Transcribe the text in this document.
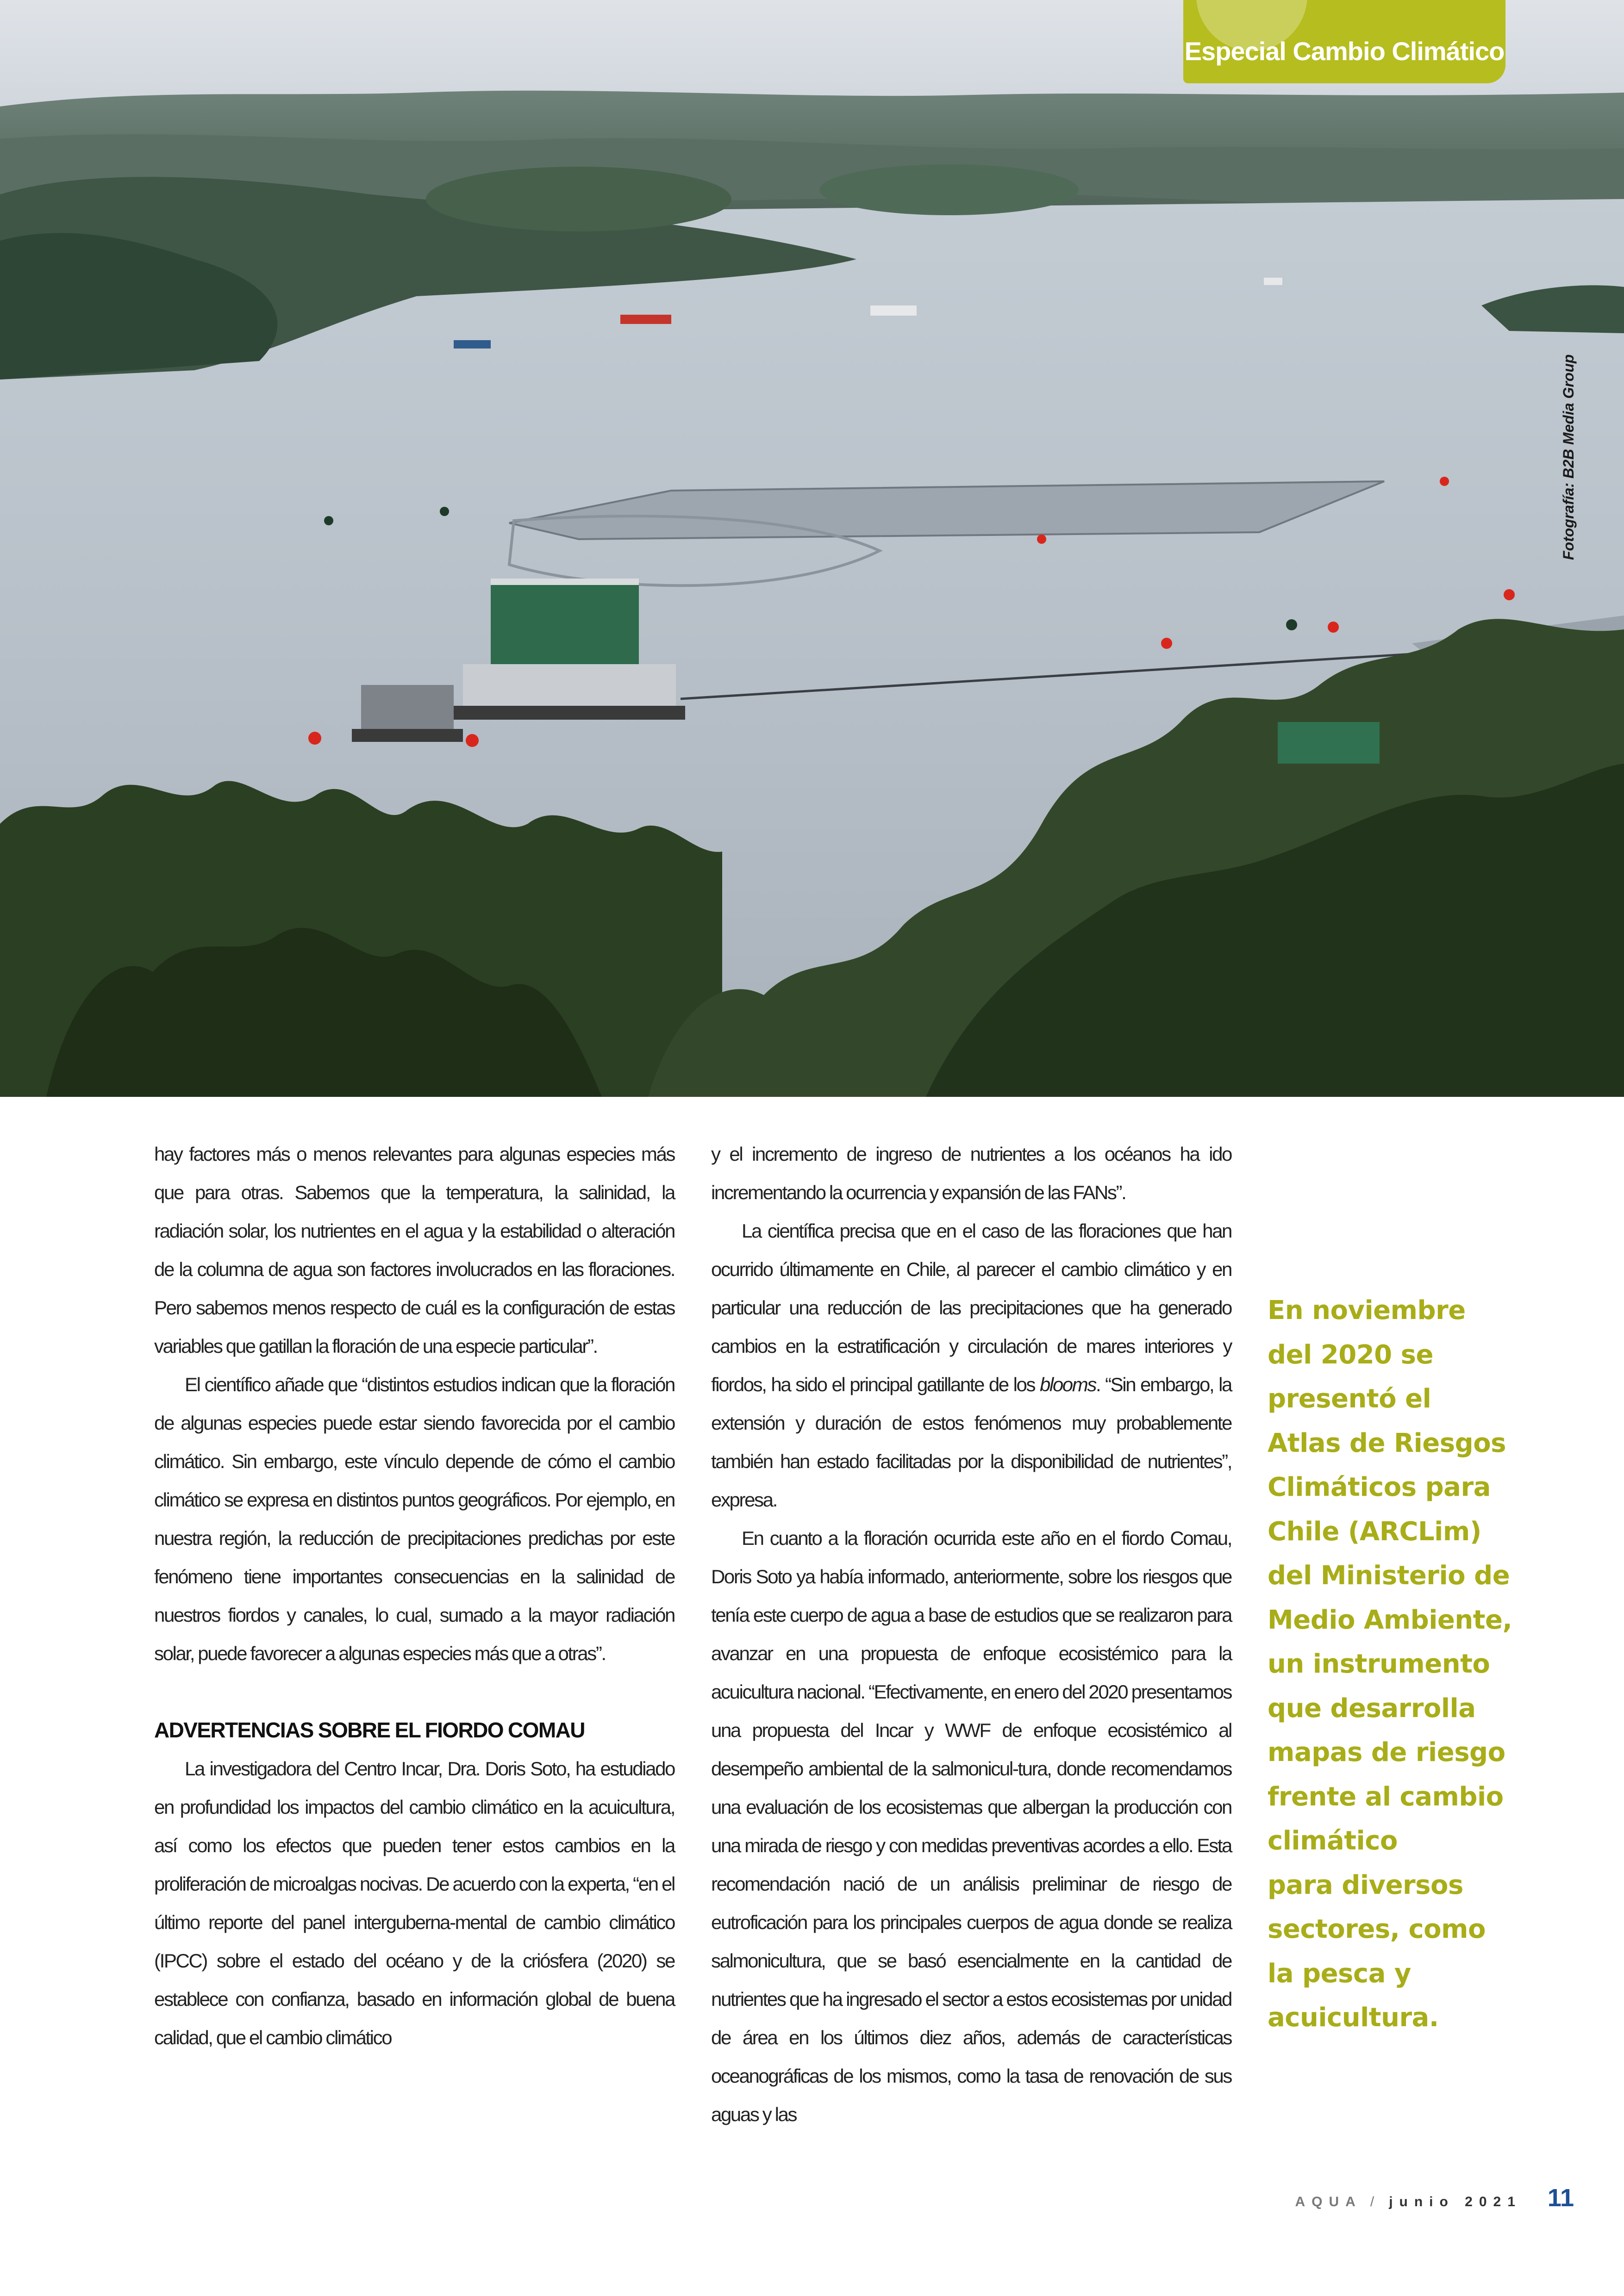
Especial Cambio Climático
Fotografía: B2B Media Group

hay factores más o menos relevantes para algunas especies más que para otras. Sabemos que la temperatura, la salinidad, la radiación solar, los nutrientes en el agua y la estabilidad o alteración de la columna de agua son factores involucrados en las floraciones. Pero sabemos menos respecto de cuál es la configuración de estas variables que gatillan la floración de una especie particular”.

El científico añade que “distintos estudios indican que la floración de algunas especies puede estar siendo favorecida por el cambio climático. Sin embargo, este vínculo depende de cómo el cambio climático se expresa en distintos puntos geográficos. Por ejemplo, en nuestra región, la reducción de precipitaciones predichas por este fenómeno tiene importantes consecuencias en la salinidad de nuestros fiordos y canales, lo cual, sumado a la mayor radiación solar, puede favorecer a algunas especies más que a otras”.

ADVERTENCIAS SOBRE EL FIORDO COMAU

La investigadora del Centro Incar, Dra. Doris Soto, ha estudiado en profundidad los impactos del cambio climático en la acuicultura, así como los efectos que pueden tener estos cambios en la proliferación de microalgas nocivas. De acuerdo con la experta, “en el último reporte del panel interguberna-mental de cambio climático (IPCC) sobre el estado del océano y de la criósfera (2020) se establece con confianza, basado en información global de buena calidad, que el cambio climático

y el incremento de ingreso de nutrientes a los océanos ha ido incrementando la ocurrencia y expansión de las FANs”.

La científica precisa que en el caso de las floraciones que han ocurrido últimamente en Chile, al parecer el cambio climático y en particular una reducción de las precipitaciones que ha generado cambios en la estratificación y circulación de mares interiores y fiordos, ha sido el principal gatillante de los blooms. “Sin embargo, la extensión y duración de estos fenómenos muy probablemente también han estado facilitadas por la disponibilidad de nutrientes”, expresa.

En cuanto a la floración ocurrida este año en el fiordo Comau, Doris Soto ya había informado, anteriormente, sobre los riesgos que tenía este cuerpo de agua a base de estudios que se realizaron para avanzar en una propuesta de enfoque ecosistémico para la acuicultura nacional. “Efectivamente, en enero del 2020 presentamos una propuesta del Incar y WWF de enfoque ecosistémico al desempeño ambiental de la salmonicul-tura, donde recomendamos una evaluación de los ecosistemas que albergan la producción con una mirada de riesgo y con medidas preventivas acordes a ello. Esta recomendación nació de un análisis preliminar de riesgo de eutroficación para los principales cuerpos de agua donde se realiza salmonicultura, que se basó esencialmente en la cantidad de nutrientes que ha ingresado el sector a estos ecosistemas por unidad de área en los últimos diez años, además de características oceanográficas de los mismos, como la tasa de renovación de sus aguas y las

En noviembre
del 2020 se
presentó el
Atlas de Riesgos
Climáticos para
Chile (ARCLim)
del Ministerio de
Medio Ambiente,
un instrumento
que desarrolla
mapas de riesgo
frente al cambio
climático
para diversos
sectores, como
la pesca y
acuicultura.
AQUA / junio 2021 11
